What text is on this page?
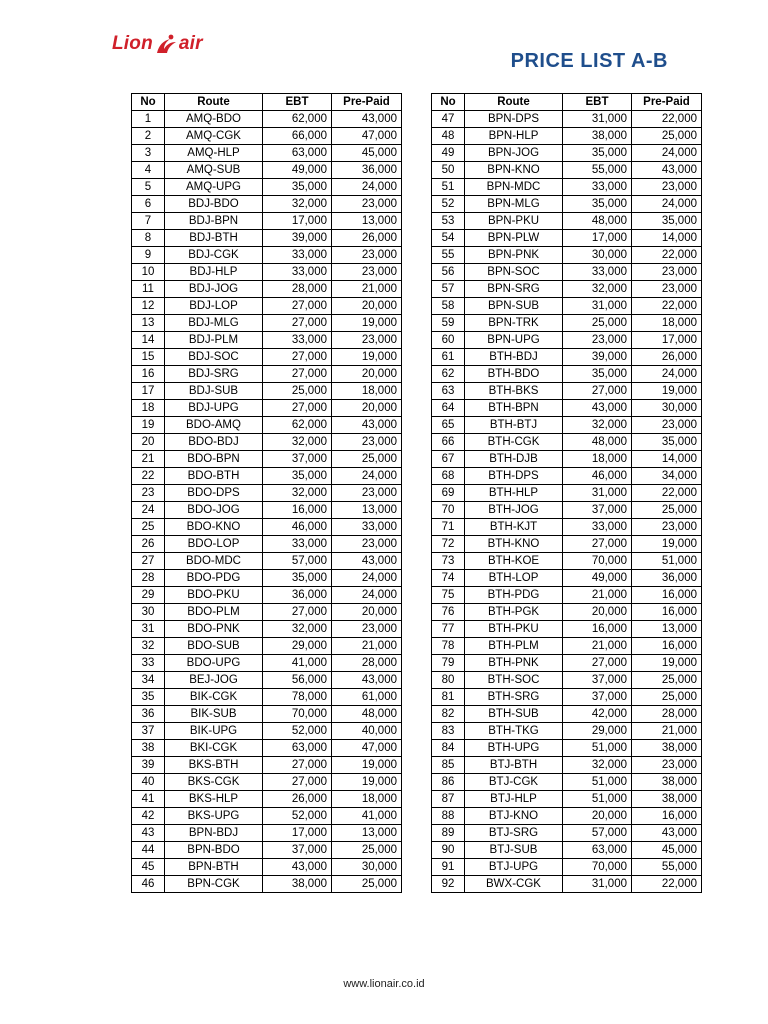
Lion air
PRICE LIST A-B
No	Route	EBT	Pre-Paid
1	AMQ-BDO	62,000	43,000
2	AMQ-CGK	66,000	47,000
3	AMQ-HLP	63,000	45,000
4	AMQ-SUB	49,000	36,000
5	AMQ-UPG	35,000	24,000
6	BDJ-BDO	32,000	23,000
7	BDJ-BPN	17,000	13,000
8	BDJ-BTH	39,000	26,000
9	BDJ-CGK	33,000	23,000
10	BDJ-HLP	33,000	23,000
11	BDJ-JOG	28,000	21,000
12	BDJ-LOP	27,000	20,000
13	BDJ-MLG	27,000	19,000
14	BDJ-PLM	33,000	23,000
15	BDJ-SOC	27,000	19,000
16	BDJ-SRG	27,000	20,000
17	BDJ-SUB	25,000	18,000
18	BDJ-UPG	27,000	20,000
19	BDO-AMQ	62,000	43,000
20	BDO-BDJ	32,000	23,000
21	BDO-BPN	37,000	25,000
22	BDO-BTH	35,000	24,000
23	BDO-DPS	32,000	23,000
24	BDO-JOG	16,000	13,000
25	BDO-KNO	46,000	33,000
26	BDO-LOP	33,000	23,000
27	BDO-MDC	57,000	43,000
28	BDO-PDG	35,000	24,000
29	BDO-PKU	36,000	24,000
30	BDO-PLM	27,000	20,000
31	BDO-PNK	32,000	23,000
32	BDO-SUB	29,000	21,000
33	BDO-UPG	41,000	28,000
34	BEJ-JOG	56,000	43,000
35	BIK-CGK	78,000	61,000
36	BIK-SUB	70,000	48,000
37	BIK-UPG	52,000	40,000
38	BKI-CGK	63,000	47,000
39	BKS-BTH	27,000	19,000
40	BKS-CGK	27,000	19,000
41	BKS-HLP	26,000	18,000
42	BKS-UPG	52,000	41,000
43	BPN-BDJ	17,000	13,000
44	BPN-BDO	37,000	25,000
45	BPN-BTH	43,000	30,000
46	BPN-CGK	38,000	25,000
No	Route	EBT	Pre-Paid
47	BPN-DPS	31,000	22,000
48	BPN-HLP	38,000	25,000
49	BPN-JOG	35,000	24,000
50	BPN-KNO	55,000	43,000
51	BPN-MDC	33,000	23,000
52	BPN-MLG	35,000	24,000
53	BPN-PKU	48,000	35,000
54	BPN-PLW	17,000	14,000
55	BPN-PNK	30,000	22,000
56	BPN-SOC	33,000	23,000
57	BPN-SRG	32,000	23,000
58	BPN-SUB	31,000	22,000
59	BPN-TRK	25,000	18,000
60	BPN-UPG	23,000	17,000
61	BTH-BDJ	39,000	26,000
62	BTH-BDO	35,000	24,000
63	BTH-BKS	27,000	19,000
64	BTH-BPN	43,000	30,000
65	BTH-BTJ	32,000	23,000
66	BTH-CGK	48,000	35,000
67	BTH-DJB	18,000	14,000
68	BTH-DPS	46,000	34,000
69	BTH-HLP	31,000	22,000
70	BTH-JOG	37,000	25,000
71	BTH-KJT	33,000	23,000
72	BTH-KNO	27,000	19,000
73	BTH-KOE	70,000	51,000
74	BTH-LOP	49,000	36,000
75	BTH-PDG	21,000	16,000
76	BTH-PGK	20,000	16,000
77	BTH-PKU	16,000	13,000
78	BTH-PLM	21,000	16,000
79	BTH-PNK	27,000	19,000
80	BTH-SOC	37,000	25,000
81	BTH-SRG	37,000	25,000
82	BTH-SUB	42,000	28,000
83	BTH-TKG	29,000	21,000
84	BTH-UPG	51,000	38,000
85	BTJ-BTH	32,000	23,000
86	BTJ-CGK	51,000	38,000
87	BTJ-HLP	51,000	38,000
88	BTJ-KNO	20,000	16,000
89	BTJ-SRG	57,000	43,000
90	BTJ-SUB	63,000	45,000
91	BTJ-UPG	70,000	55,000
92	BWX-CGK	31,000	22,000
www.lionair.co.id
